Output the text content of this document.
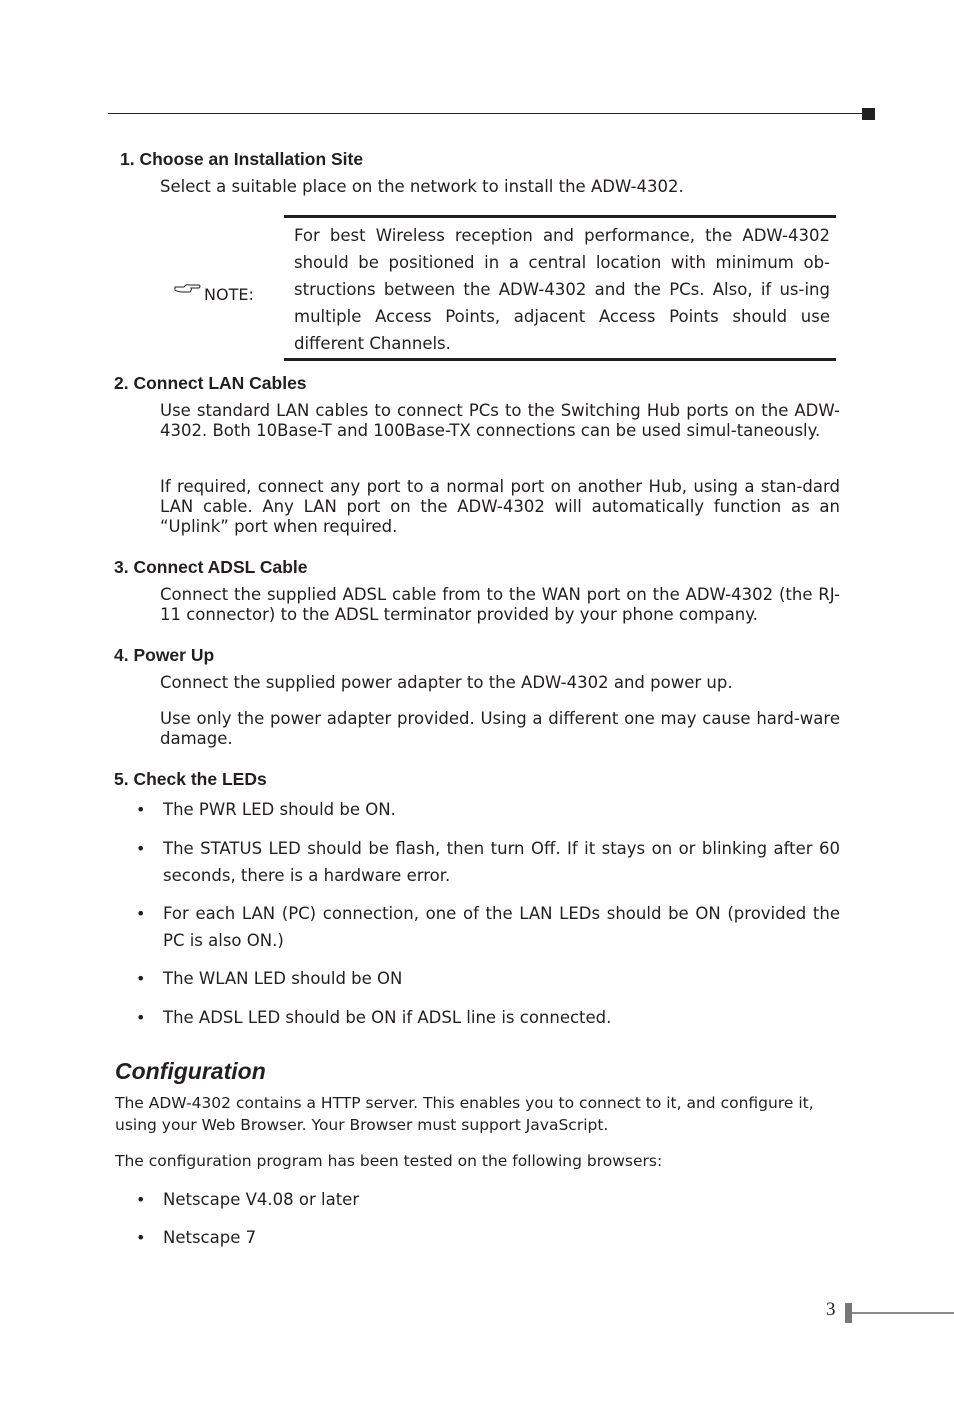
1. Choose an Installation Site

Select a suitable place on the network to install the ADW-4302.

NOTE:

For best Wireless reception and performance, the ADW-4302 should be positioned in a central location with minimum ob-structions between the ADW-4302 and the PCs. Also, if us-ing multiple Access Points, adjacent Access Points should use different Channels.

2. Connect LAN Cables

Use standard LAN cables to connect PCs to the Switching Hub ports on the ADW-4302. Both 10Base-T and 100Base-TX connections can be used simul-taneously.

If required, connect any port to a normal port on another Hub, using a stan-dard LAN cable. Any LAN port on the ADW-4302 will automatically function as an “Uplink” port when required.

3. Connect ADSL Cable

Connect the supplied ADSL cable from to the WAN port on the ADW-4302 (the RJ-11 connector) to the ADSL terminator provided by your phone company.

4. Power Up

Connect the supplied power adapter to the ADW-4302 and power up.

Use only the power adapter provided. Using a different one may cause hard-ware damage.

5. Check the LEDs
• The PWR LED should be ON.

• The STATUS LED should be flash, then turn Off. If it stays on or blinking after 60 seconds, there is a hardware error.

• For each LAN (PC) connection, one of the LAN LEDs should be ON (provided the PC is also ON.)

• The WLAN LED should be ON

• The ADSL LED should be ON if ADSL line is connected.

Configuration

The ADW-4302 contains a HTTP server. This enables you to connect to it, and configure it, using your Web Browser. Your Browser must support JavaScript.

The configuration program has been tested on the following browsers:

• Netscape V4.08 or later

• Netscape 7

3
